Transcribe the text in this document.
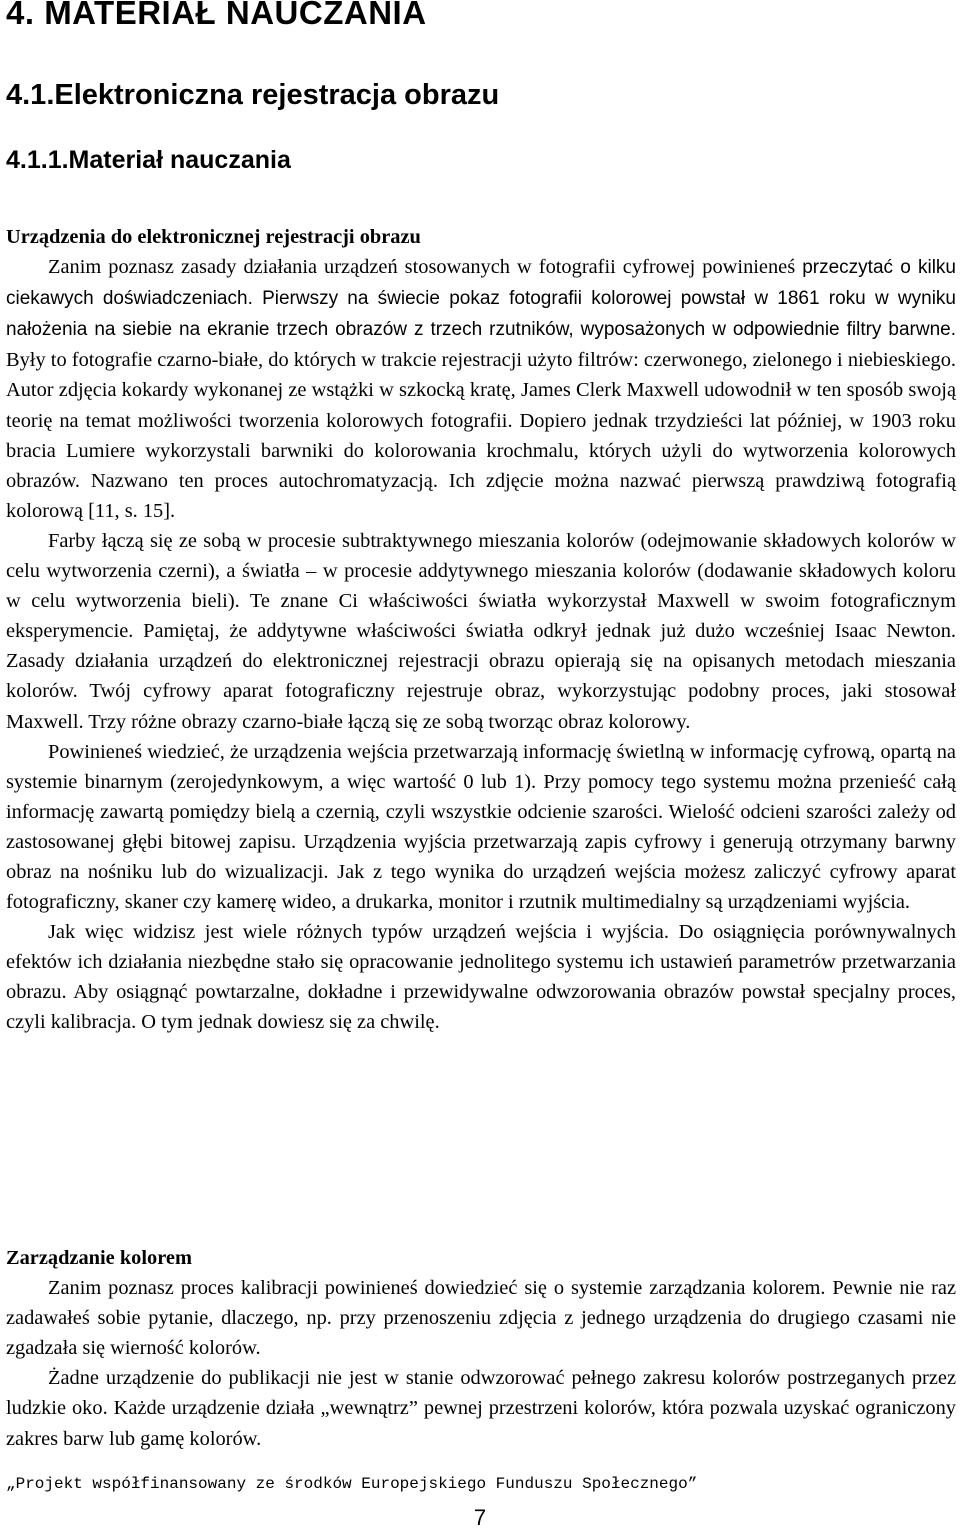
4. MATERIAŁ NAUCZANIA
4.1.Elektroniczna rejestracja obrazu
4.1.1.Materiał nauczania

Urządzenia do elektronicznej rejestracji obrazu

Zanim poznasz zasady działania urządzeń stosowanych w fotografii cyfrowej powinieneś przeczytać o kilku ciekawych doświadczeniach. Pierwszy na świecie pokaz fotografii kolorowej powstał w 1861 roku w wyniku nałożenia na siebie na ekranie trzech obrazów z trzech rzutników, wyposażonych w odpowiednie filtry barwne. Były to fotografie czarno-białe, do których w trakcie rejestracji użyto filtrów: czerwonego, zielonego i niebieskiego. Autor zdjęcia kokardy wykonanej ze wstążki w szkocką kratę, James Clerk Maxwell udowodnił w ten sposób swoją teorię na temat możliwości tworzenia kolorowych fotografii. Dopiero jednak trzydzieści lat później, w 1903 roku bracia Lumiere wykorzystali barwniki do kolorowania krochmalu, których użyli do wytworzenia kolorowych obrazów. Nazwano ten proces autochromatyzacją. Ich zdjęcie można nazwać pierwszą prawdziwą fotografią kolorową [11, s. 15].

Farby łączą się ze sobą w procesie subtraktywnego mieszania kolorów (odejmowanie składowych kolorów w celu wytworzenia czerni), a światła – w procesie addytywnego mieszania kolorów (dodawanie składowych koloru w celu wytworzenia bieli). Te znane Ci właściwości światła wykorzystał Maxwell w swoim fotograficznym eksperymencie. Pamiętaj, że addytywne właściwości światła odkrył jednak już dużo wcześniej Isaac Newton. Zasady działania urządzeń do elektronicznej rejestracji obrazu opierają się na opisanych metodach mieszania kolorów. Twój cyfrowy aparat fotograficzny rejestruje obraz, wykorzystując podobny proces, jaki stosował Maxwell. Trzy różne obrazy czarno-białe łączą się ze sobą tworząc obraz kolorowy.

Powinieneś wiedzieć, że urządzenia wejścia przetwarzają informację świetlną w informację cyfrową, opartą na systemie binarnym (zerojedynkowym, a więc wartość 0 lub 1). Przy pomocy tego systemu można przenieść całą informację zawartą pomiędzy bielą a czernią, czyli wszystkie odcienie szarości. Wielość odcieni szarości zależy od zastosowanej głębi bitowej zapisu. Urządzenia wyjścia przetwarzają zapis cyfrowy i generują otrzymany barwny obraz na nośniku lub do wizualizacji. Jak z tego wynika do urządzeń wejścia możesz zaliczyć cyfrowy aparat fotograficzny, skaner czy kamerę wideo, a drukarka, monitor i rzutnik multimedialny są urządzeniami wyjścia.

Jak więc widzisz jest wiele różnych typów urządzeń wejścia i wyjścia. Do osiągnięcia porównywalnych efektów ich działania niezbędne stało się opracowanie jednolitego systemu ich ustawień parametrów przetwarzania obrazu. Aby osiągnąć powtarzalne, dokładne i przewidywalne odwzorowania obrazów powstał specjalny proces, czyli kalibracja. O tym jednak dowiesz się za chwilę.

Zarządzanie kolorem

Zanim poznasz proces kalibracji powinieneś dowiedzieć się o systemie zarządzania kolorem. Pewnie nie raz zadawałeś sobie pytanie, dlaczego, np. przy przenoszeniu zdjęcia z jednego urządzenia do drugiego czasami nie zgadzała się wierność kolorów.

Żadne urządzenie do publikacji nie jest w stanie odwzorować pełnego zakresu kolorów postrzeganych przez ludzkie oko. Każde urządzenie działa „wewnątrz” pewnej przestrzeni kolorów, która pozwala uzyskać ograniczony zakres barw lub gamę kolorów.

„Projekt współfinansowany ze środków Europejskiego Funduszu Społecznego”
7
